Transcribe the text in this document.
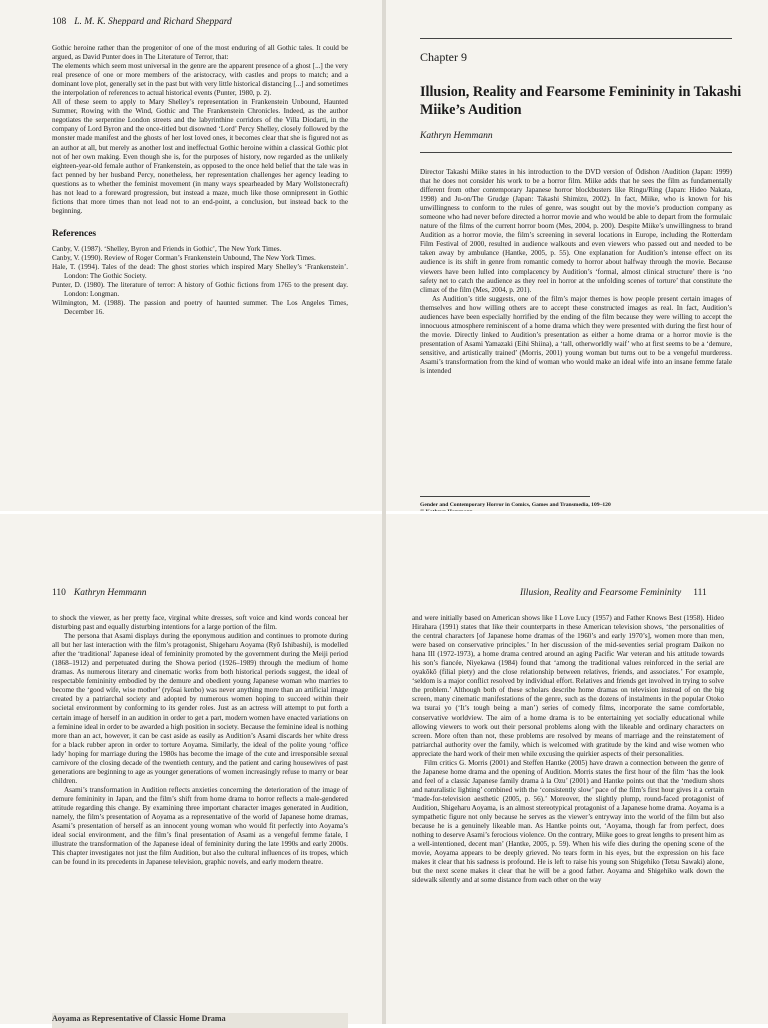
108 L. M. K. Sheppard and Richard Sheppard

Gothic heroine rather than the progenitor of one of the most enduring of all Gothic tales. It could be argued, as David Punter does in The Literature of Terror, that:

The elements which seem most universal in the genre are the apparent presence of a ghost [...] the very real presence of one or more members of the aristocracy, with castles and props to match; and a dominant love plot, generally set in the past but with very little historical distancing [...] and sometimes the interpolation of references to actual historical events (Punter, 1980, p. 2).

All of these seem to apply to Mary Shelley’s representation in Frankenstein Unbound, Haunted Summer, Rowing with the Wind, Gothic and The Frankenstein Chronicles. Indeed, as the author negotiates the serpentine London streets and the labyrinthine corridors of the Villa Diodarti, in the company of Lord Byron and the once-titled but disowned ‘Lord’ Percy Shelley, closely followed by the monster made manifest and the ghosts of her lost loved ones, it becomes clear that she is figured not as an author at all, but merely as another lost and ineffectual Gothic heroine within a classical Gothic plot not of her own making. Even though she is, for the purposes of history, now regarded as the unlikely eighteen-year-old female author of Frankenstein, as opposed to the once held belief that the tale was in fact penned by her husband Percy, nonetheless, her representation challenges her agency leading to questions as to whether the feminist movement (in many ways spearheaded by Mary Wollstonecraft) has not lead to a foreward progression, but instead a maze, much like those omnipresent in Gothic fictions that more times than not lead not to an end-point, a conclusion, but instead back to the beginning.

References

Canby, V. (1987). ‘Shelley, Byron and Friends in Gothic’, The New York Times.

Canby, V. (1990). Review of Roger Corman’s Frankenstein Unbound, The New York Times.

Hale, T. (1994). Tales of the dead: The ghost stories which inspired Mary Shelley’s ‘Frankenstein’. London: The Gothic Society.

Punter, D. (1980). The literature of terror: A history of Gothic fictions from 1765 to the present day. London: Longman.

Wilmington, M. (1988). The passion and poetry of haunted summer. The Los Angeles Times, December 16.

Chapter 9
Illusion, Reality and Fearsome Femininity in Takashi Miike’s Audition
Kathryn Hemmann

Director Takashi Miike states in his introduction to the DVD version of Ōdishon /Audition (Japan: 1999) that he does not consider his work to be a horror film. Miike adds that he sees the film as fundamentally different from other contemporary Japanese horror blockbusters like Ringu/Ring (Japan: Hideo Nakata, 1998) and Ju-on/The Grudge (Japan: Takashi Shimizu, 2002). In fact, Miike, who is known for his unwillingness to conform to the rules of genre, was sought out by the movie’s production company as someone who had never before directed a horror movie and who would be able to depart from the formulaic nature of the films of the current horror boom (Mes, 2004, p. 200). Despite Miike’s unwillingness to brand Audition as a horror movie, the film’s screening in several locations in Europe, including the Rotterdam Film Festival of 2000, resulted in audience walkouts and even viewers who passed out and needed to be taken away by ambulance (Hantke, 2005, p. 55). One explanation for Audition’s intense effect on its audience is its shift in genre from romantic comedy to horror about halfway through the movie. Because viewers have been lulled into complacency by Audition’s ‘formal, almost clinical structure’ there is ‘no safety net to catch the audience as they reel in horror at the unfolding scenes of torture’ that constitute the climax of the film (Mes, 2004, p. 201).

As Audition’s title suggests, one of the film’s major themes is how people present certain images of themselves and how willing others are to accept these constructed images as real. In fact, Audition’s audiences have been especially horrified by the ending of the film because they were willing to accept the innocuous atmosphere reminiscent of a home drama which they were presented with during the first hour of the movie. Directly linked to Audition’s presentation as either a home drama or a horror movie is the presentation of Asami Yamazaki (Eihi Shiina), a ‘tall, otherworldly waif’ who at first seems to be a ‘demure, sensitive, and artistically trained’ (Morris, 2001) young woman but turns out to be a vengeful murderess. Asami’s transformation from the kind of woman who would make an ideal wife into an insane femme fatale is intended

Gender and Contemporary Horror in Comics, Games and Transmedia, 109–120
110 Kathryn Hemmann

to shock the viewer, as her pretty face, virginal white dresses, soft voice and kind words conceal her disturbing past and equally disturbing intentions for a large portion of the film.

The persona that Asami displays during the eponymous audition and continues to promote during all but her last interaction with the film’s protagonist, Shigeharu Aoyama (Ryō Ishibashi), is modelled after the ‘traditional’ Japanese ideal of femininity promoted by the government during the Meiji period (1868–1912) and perpetuated during the Showa period (1926–1989) through the medium of home dramas. As numerous literary and cinematic works from both historical periods suggest, the ideal of respectable femininity embodied by the demure and obedient young Japanese woman who marries to become the ‘good wife, wise mother’ (ryōsai kenbo) was never anything more than an artificial image created by a patriarchal society and adopted by numerous women hoping to succeed within their societal environment by conforming to its gender roles. Just as an actress will attempt to put forth a certain image of herself in an audition in order to get a part, modern women have enacted variations on a feminine ideal in order to be awarded a high position in society. Because the feminine ideal is nothing more than an act, however, it can be cast aside as easily as Audition’s Asami discards her white dress for a black rubber apron in order to torture Aoyama. Similarly, the ideal of the polite young ‘office lady’ hoping for marriage during the 1980s has become the image of the cute and irresponsible sexual carnivore of the closing decade of the twentieth century, and the patient and caring housewives of past generations are beginning to age as younger generations of women increasingly refuse to marry or bear children.

Asami’s transformation in Audition reflects anxieties concerning the deterioration of the image of demure femininity in Japan, and the film’s shift from home drama to horror reflects a male-gendered attitude regarding this change. By examining three important character images generated in Audition, namely, the film’s presentation of Aoyama as a representative of the world of Japanese home dramas, Asami’s presentation of herself as an innocent young woman who would fit perfectly into Aoyama’s ideal social environment, and the film’s final presentation of Asami as a vengeful femme fatale, I illustrate the transformation of the Japanese ideal of femininity during the late 1990s and early 2000s. This chapter investigates not just the film Audition, but also the cultural influences of its tropes, which can be found in its precedents in Japanese television, graphic novels, and early modern theatre.

Illusion, Reality and Fearsome Femininity 111

and were initially based on American shows like I Love Lucy (1957) and Father Knows Best (1958). Hideo Hirahara (1991) states that like their counterparts in these American television shows, ‘the personalities of the central characters [of Japanese home dramas of the 1960’s and early 1970’s], women more than men, were based on conservative principles.’ In her discussion of the mid-seventies serial program Daikon no hana III (1972-1973), a home drama centred around an aging Pacific War veteran and his attitude towards his son’s fiancée, Niyekawa (1984) found that ‘among the traditional values reinforced in the serial are oyakōkō (filial piety) and the close relationship between relatives, friends, and associates.’ For example, ‘seldom is a major conflict resolved by individual effort. Relatives and friends get involved in trying to solve the problem.’ Although both of these scholars describe home dramas on television instead of on the big screen, many cinematic manifestations of the genre, such as the dozens of instalments in the popular Otoko wa tsurai yo (‘It’s tough being a man’) series of comedy films, incorporate the same comfortable, conservative worldview. The aim of a home drama is to be entertaining yet socially educational while allowing viewers to work out their personal problems along with the likeable and ordinary characters on screen. More often than not, these problems are resolved by means of marriage and the reinstatement of patriarchal authority over the family, which is welcomed with gratitude by the kind and wise women who appreciate the hard work of their men while excusing the quirkier aspects of their personalities.

Film critics G. Morris (2001) and Steffen Hantke (2005) have drawn a connection between the genre of the Japanese home drama and the opening of Audition. Morris states the first hour of the film ‘has the look and feel of a classic Japanese family drama à la Ozu’ (2001) and Hantke points out that the ‘medium shots and naturalistic lighting’ combined with the ‘consistently slow’ pace of the film’s first hour gives it a certain ‘made-for-television aesthetic (2005, p. 56).’ Moreover, the slightly plump, round-faced protagonist of Audition, Shigeharu Aoyama, is an almost stereotypical protagonist of a Japanese home drama. Aoyama is a sympathetic figure not only because he serves as the viewer’s entryway into the world of the film but also because he is a genuinely likeable man. As Hantke points out, ‘Aoyama, though far from perfect, does nothing to deserve Asami’s ferocious violence. On the contrary, Miike goes to great lengths to present him as a well-intentioned, decent man’ (Hantke, 2005, p. 59). When his wife dies during the opening scene of the movie, Aoyama appears to be deeply grieved. No tears form in his eyes, but the expression on his face makes it clear that his sadness is profound. He is left to raise his young son Shigehiko (Tetsu Sawaki) alone, but the next scene makes it clear that he will be a good father. Aoyama and Shigehiko walk down the sidewalk silently and at some distance from each other on the way

Aoyama as Representative of Classic Home Drama
